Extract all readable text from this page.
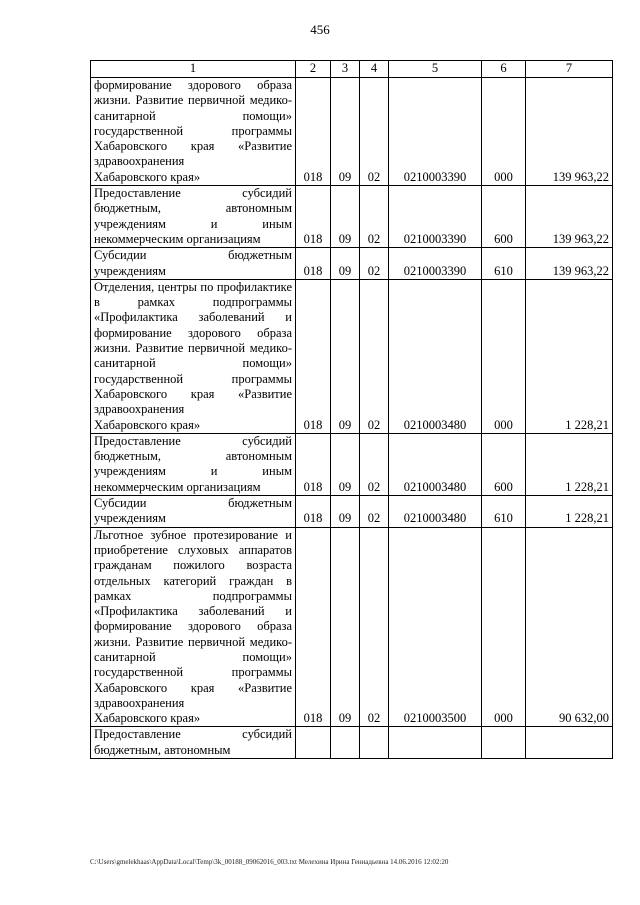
456
1	2	3	4	5	6	7
формирование здорового образа жизни. Развитие первичной медико-санитарной помощи» государственной программы Хабаровского края «Развитие здравоохранения
Хабаровского края»	018	09	02	0210003390	000	139 963,22
Предоставление субсидий бюджетным, автономным учреждениям и иным
некоммерческим организациям	018	09	02	0210003390	600	139 963,22
Субсидии бюджетным
учреждениям	018	09	02	0210003390	610	139 963,22
Отделения, центры по профилактике в рамках подпрограммы «Профилактика заболеваний и формирование здорового образа жизни. Развитие первичной медико- санитарной помощи» государственной программы Хабаровского края «Развитие здравоохранения
Хабаровского края»	018	09	02	0210003480	000	1 228,21
Предоставление субсидий бюджетным, автономным учреждениям и иным
некоммерческим организациям	018	09	02	0210003480	600	1 228,21
Субсидии бюджетным
учреждениям	018	09	02	0210003480	610	1 228,21
Льготное зубное протезирование и приобретение слуховых аппаратов гражданам пожилого возраста отдельных категорий граждан в рамках подпрограммы «Профилактика заболеваний и формирование здорового образа жизни. Развитие первичной медико- санитарной помощи» государственной программы Хабаровского края «Развитие здравоохранения
Хабаровского края»	018	09	02	0210003500	000	90 632,00
Предоставление субсидий
бюджетным, автономным						

C:\Users\gmelekhaas\AppData\Local\Temp\3k_00188_09062016_003.txt Мелехина Ирина Геннадьевна 14.06.2016 12:02:20
